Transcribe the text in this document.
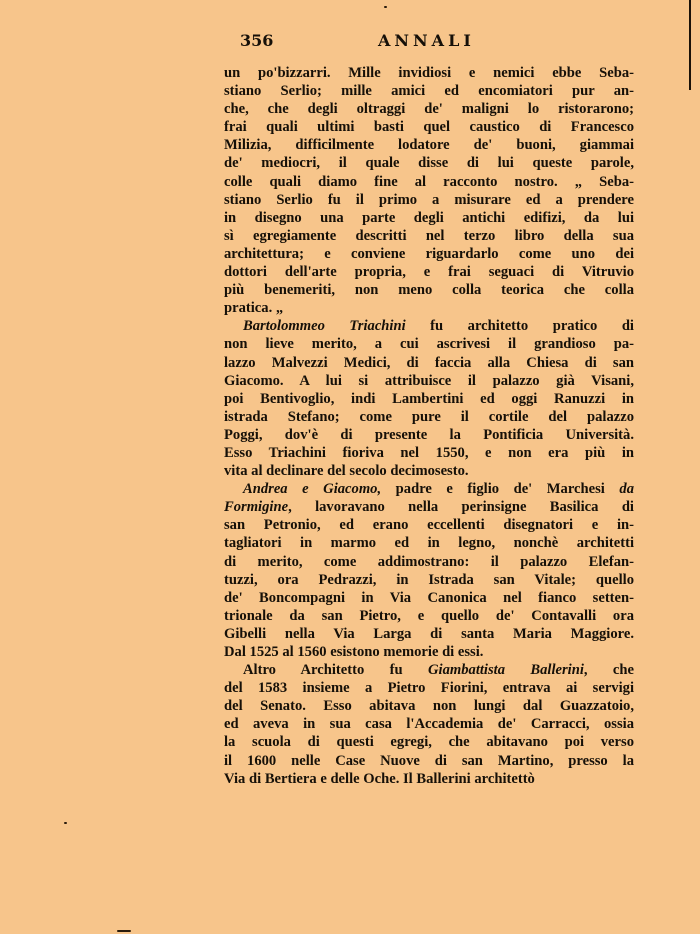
356	ANNALI
un po'bizzarri. Mille invidiosi e nemici ebbe Seba-
stiano Serlio; mille amici ed encomiatori pur an-
che, che degli oltraggi de' maligni lo ristorarono;
frai quali ultimi basti quel caustico di Francesco
Milizia, difficilmente lodatore de' buoni, giammai
de' mediocri, il quale disse di lui queste parole,
colle quali diamo fine al racconto nostro. „ Seba-
stiano Serlio fu il primo a misurare ed a prendere
in disegno una parte degli antichi edifizi, da lui
sì egregiamente descritti nel terzo libro della sua
architettura; e conviene riguardarlo come uno dei
dottori dell'arte propria, e frai seguaci di Vitruvio
più benemeriti, non meno colla teorica che colla
pratica. „
Bartolommeo Triachini fu architetto pratico di
non lieve merito, a cui ascrivesi il grandioso pa-
lazzo Malvezzi Medici, di faccia alla Chiesa di san
Giacomo. A lui si attribuisce il palazzo già Visani,
poi Bentivoglio, indi Lambertini ed oggi Ranuzzi in
istrada Stefano; come pure il cortile del palazzo
Poggi, dov'è di presente la Pontificia Università.
Esso Triachini fioriva nel 1550, e non era più in
vita al declinare del secolo decimosesto.
Andrea e Giacomo, padre e figlio de' Marchesi da
Formigine, lavoravano nella perinsigne Basilica di
san Petronio, ed erano eccellenti disegnatori e in-
tagliatori in marmo ed in legno, nonchè architetti
di merito, come addimostrano: il palazzo Elefan-
tuzzi, ora Pedrazzi, in Istrada san Vitale; quello
de' Boncompagni in Via Canonica nel fianco setten-
trionale da san Pietro, e quello de' Contavalli ora
Gibelli nella Via Larga di santa Maria Maggiore.
Dal 1525 al 1560 esistono memorie di essi.
Altro Architetto fu Giambattista Ballerini, che
del 1583 insieme a Pietro Fiorini, entrava ai servigi
del Senato. Esso abitava non lungi dal Guazzatoio,
ed aveva in sua casa l'Accademia de' Carracci, ossia
la scuola di questi egregi, che abitavano poi verso
il 1600 nelle Case Nuove di san Martino, presso la
Via di Bertiera e delle Oche. Il Ballerini architettò
